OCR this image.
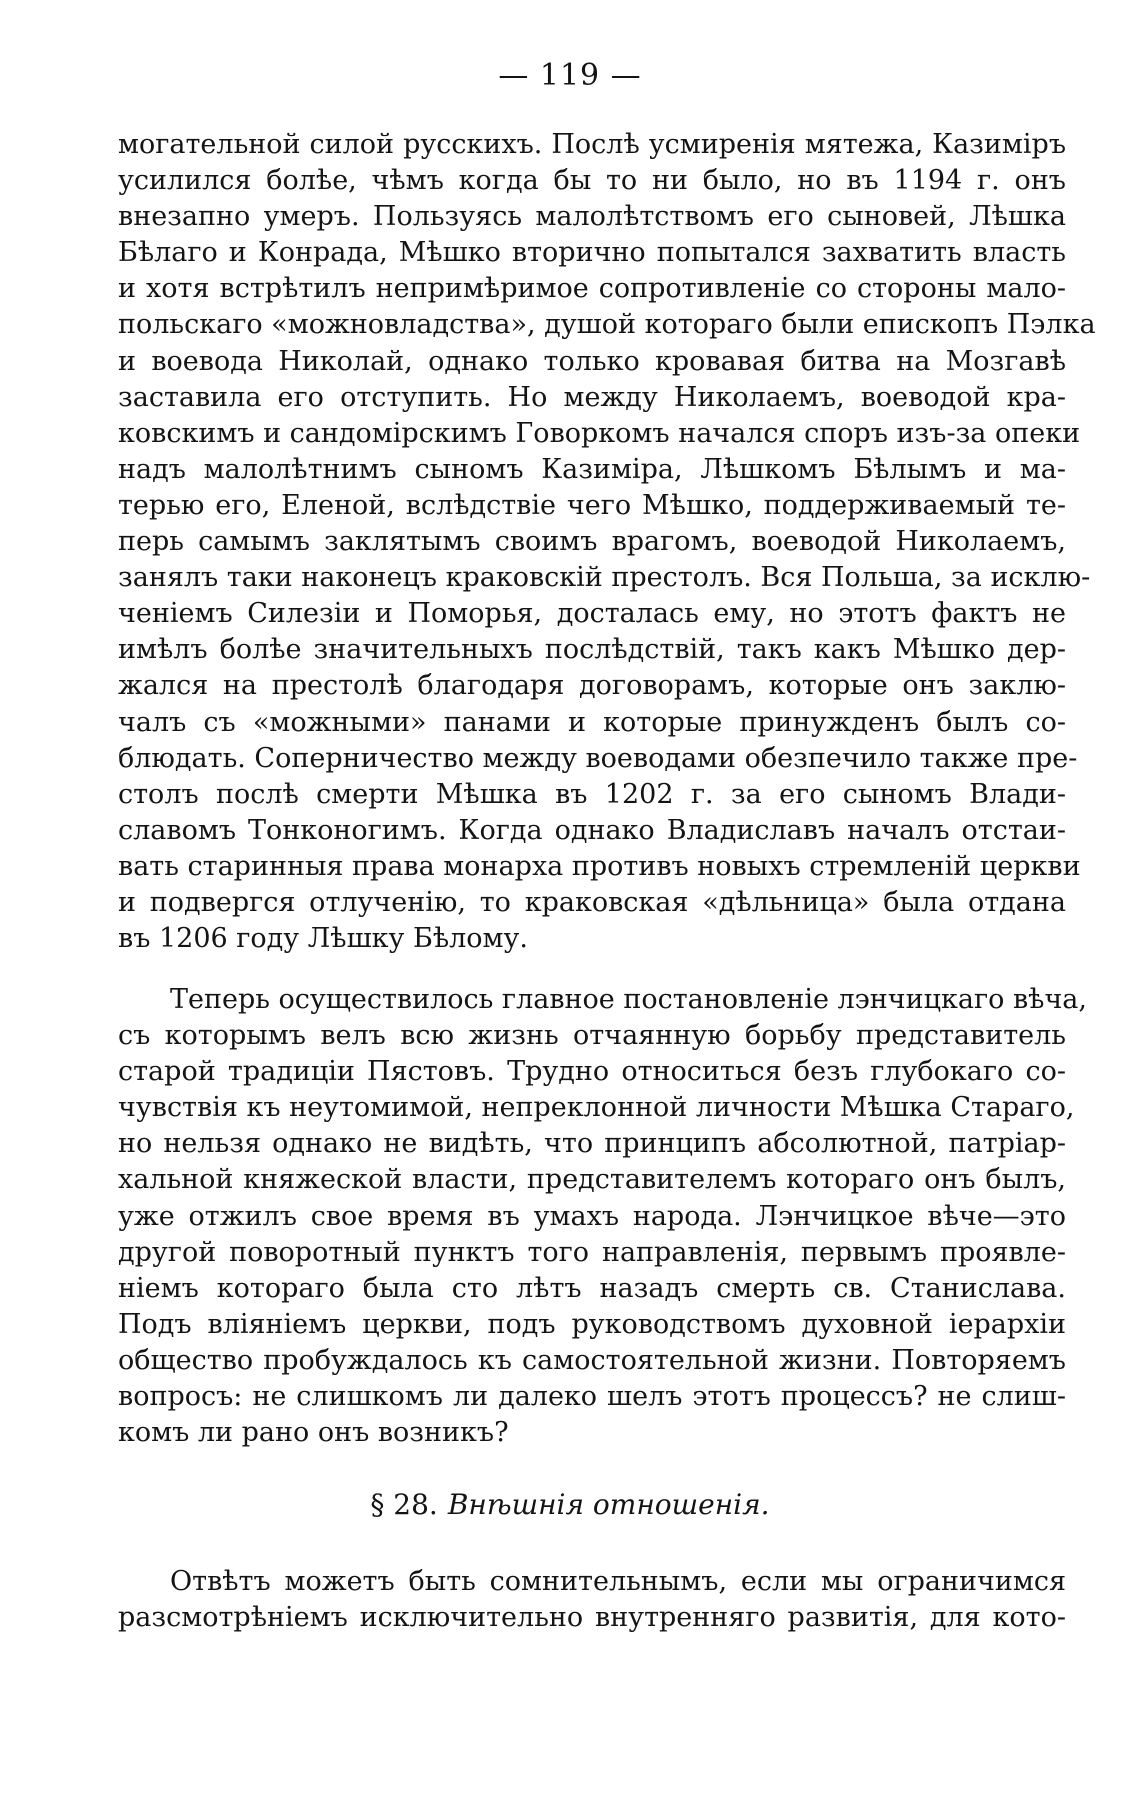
— 119 —
могательной силой русскихъ. Послѣ усмиренія мятежа, Казиміръ
усилился болѣе, чѣмъ когда бы то ни было, но въ 1194 г. онъ
внезапно умеръ. Пользуясь малолѣтствомъ его сыновей, Лѣшка
Бѣлаго и Конрада, Мѣшко вторично попытался захватить власть
и хотя встрѣтилъ непримѣримое сопротивленіе со стороны мало-
польскаго «можновладства», душой котораго были епископъ Пэлка
и воевода Николай, однако только кровавая битва на Мозгавѣ
заставила его отступить. Но между Николаемъ, воеводой кра-
ковскимъ и сандомірскимъ Говоркомъ начался споръ изъ-за опеки
надъ малолѣтнимъ сыномъ Казиміра, Лѣшкомъ Бѣлымъ и ма-
терью его, Еленой, вслѣдствіе чего Мѣшко, поддерживаемый те-
перь самымъ заклятымъ своимъ врагомъ, воеводой Николаемъ,
занялъ таки наконецъ краковскій престолъ. Вся Польша, за исклю-
ченіемъ Силезіи и Поморья, досталась ему, но этотъ фактъ не
имѣлъ болѣе значительныхъ послѣдствій, такъ какъ Мѣшко дер-
жался на престолѣ благодаря договорамъ, которые онъ заклю-
чалъ съ «можными» панами и которые принужденъ былъ со-
блюдать. Соперничество между воеводами обезпечило также пре-
столъ послѣ смерти Мѣшка въ 1202 г. за его сыномъ Влади-
славомъ Тонконогимъ. Когда однако Владиславъ началъ отстаи-
вать старинныя права монарха противъ новыхъ стремленій церкви
и подвергся отлученію, то краковская «дѣльница» была отдана
въ 1206 году Лѣшку Бѣлому.
Теперь осуществилось главное постановленіе лэнчицкаго вѣча,
съ которымъ велъ всю жизнь отчаянную борьбу представитель
старой традиціи Пястовъ. Трудно относиться безъ глубокаго со-
чувствія къ неутомимой, непреклонной личности Мѣшка Стараго,
но нельзя однако не видѣть, что принципъ абсолютной, патріар-
хальной княжеской власти, представителемъ котораго онъ былъ,
уже отжилъ свое время въ умахъ народа. Лэнчицкое вѣче—это
другой поворотный пунктъ того направленія, первымъ проявле-
ніемъ котораго была сто лѣтъ назадъ смерть св. Станислава.
Подъ вліяніемъ церкви, подъ руководствомъ духовной іерархіи
общество пробуждалось къ самостоятельной жизни. Повторяемъ
вопросъ: не слишкомъ ли далеко шелъ этотъ процессъ? не слиш-
комъ ли рано онъ возникъ?
§ 28. Внѣшнія отношенія.
Отвѣтъ можетъ быть сомнительнымъ, если мы ограничимся
разсмотрѣніемъ исключительно внутренняго развитія, для кото-
